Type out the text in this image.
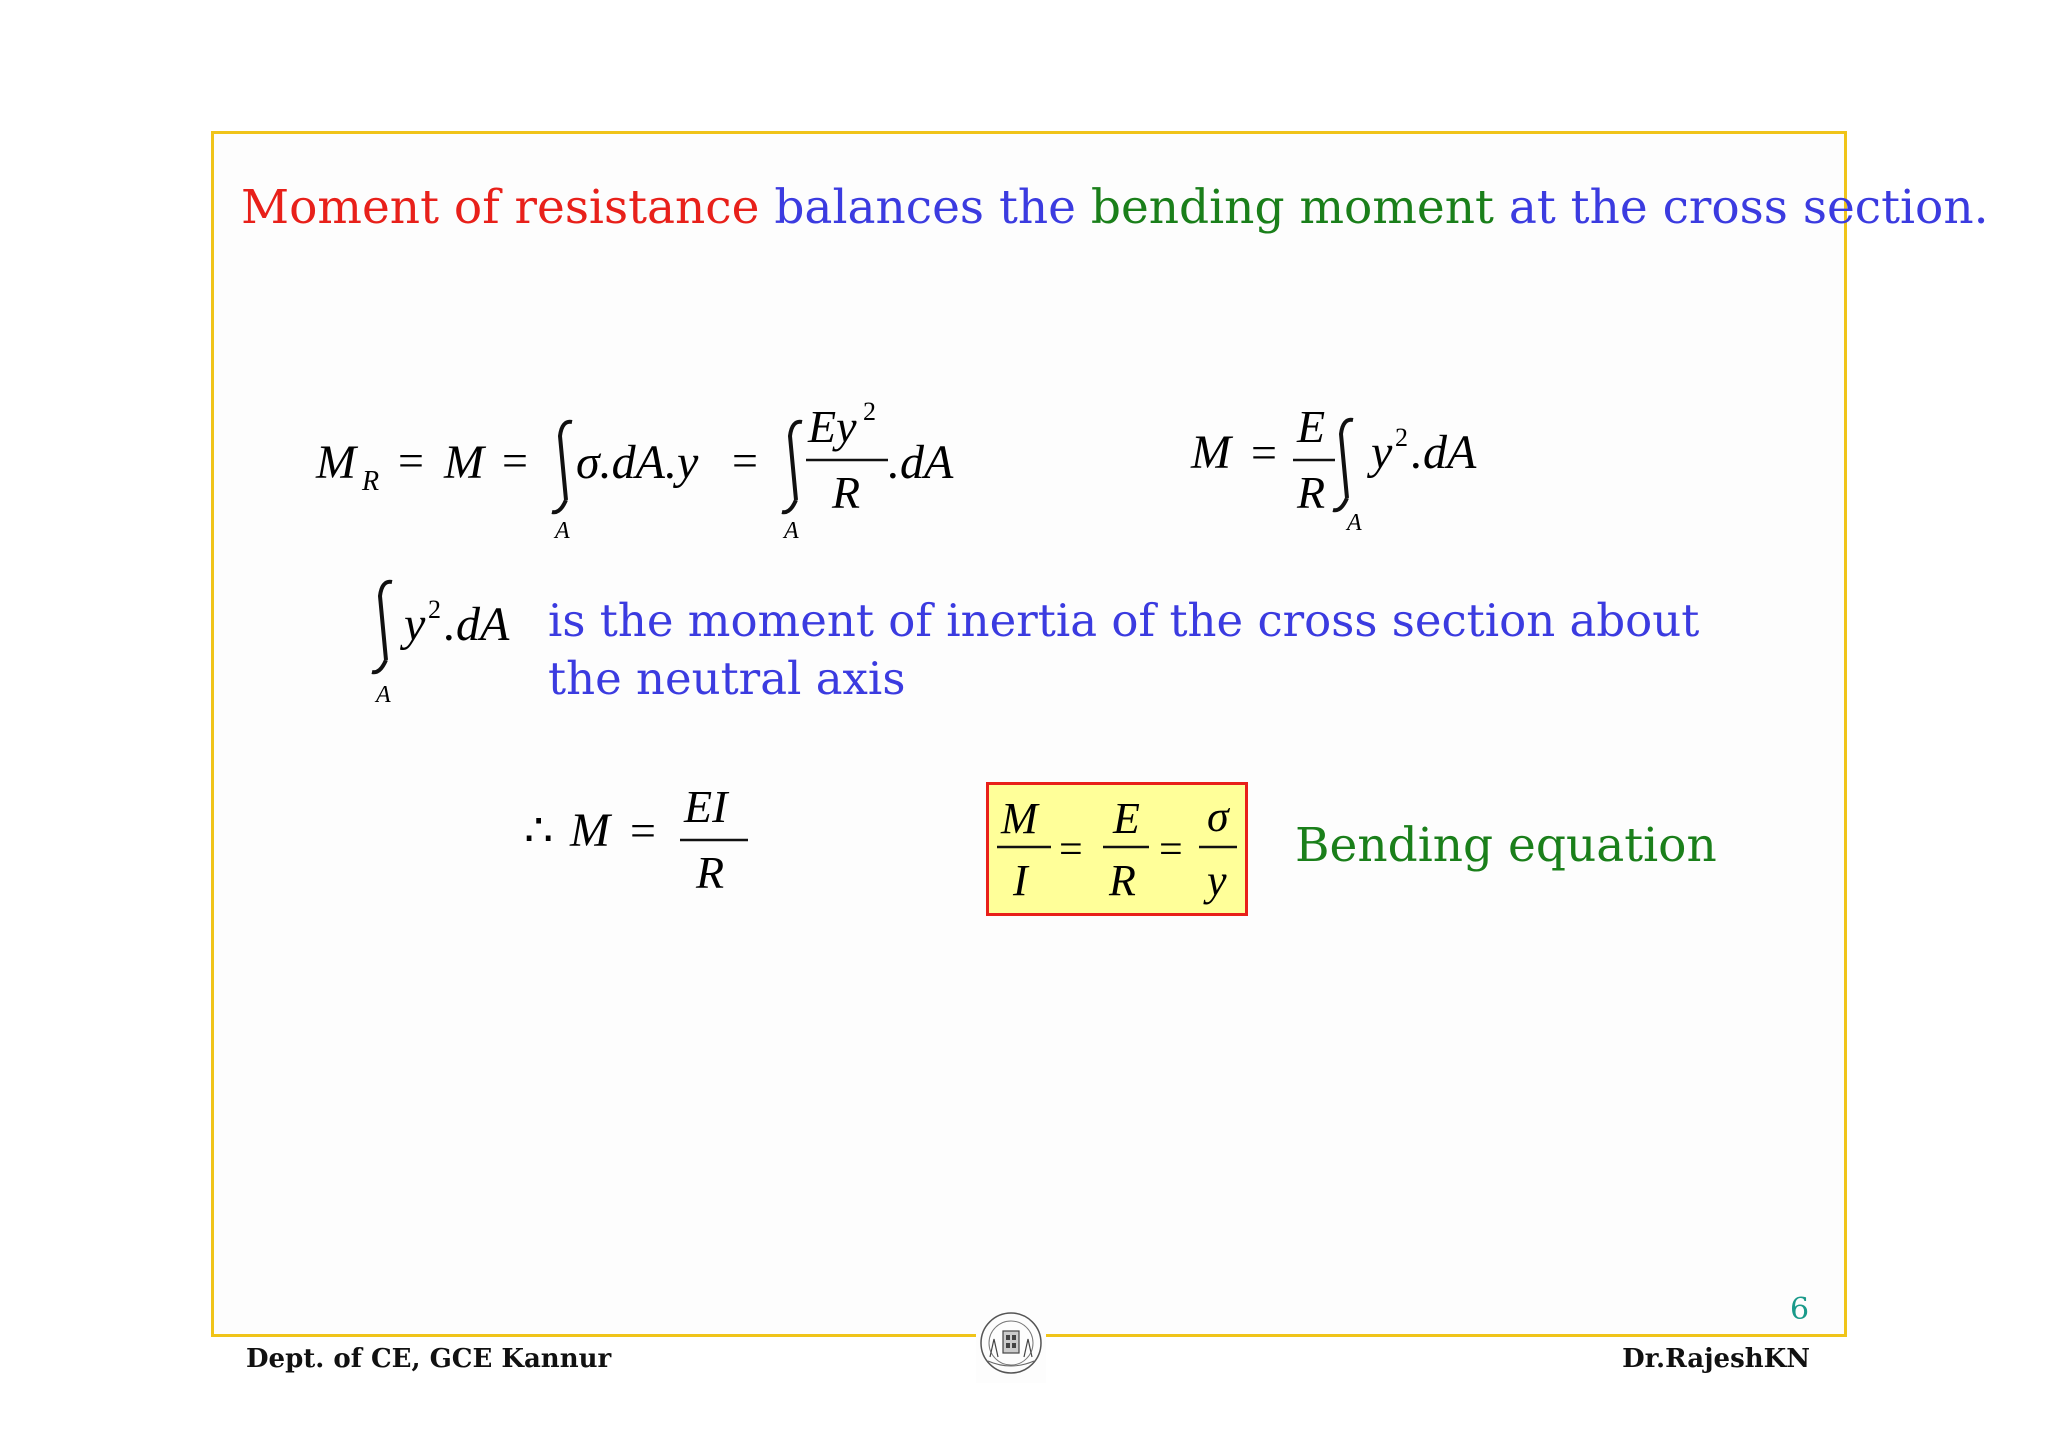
Moment of resistance balances the bending moment at the cross section.
M R = M =
A
σ.dA.y =
A
Ey 2
R
.dA	M =
E
R
A
y 2 .dA
A
y 2 .dA is the moment of inertia of the cross section about the neutral axis
∴ M = EI
R
M
I
=
E
R
=
σ
y
Bending equation
6
Dept. of CE, GCE Kannur	Dr.RajeshKN
